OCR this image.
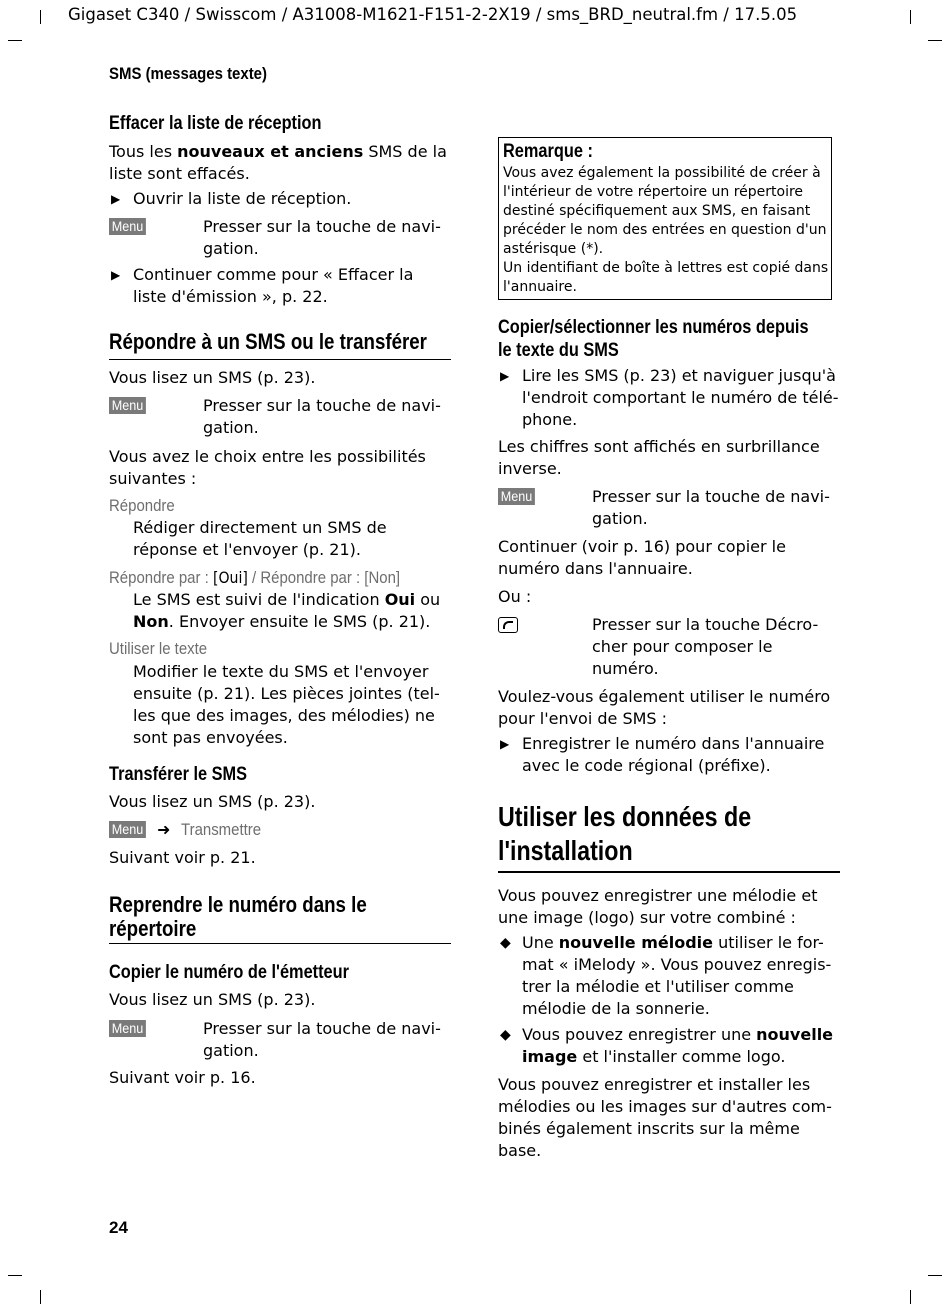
Gigaset C340 / Swisscom / A31008-M1621-F151-2-2X19 / sms_BRD_neutral.fm / 17.5.05
SMS (messages texte)
Effacer la liste de réception
Tous les nouveaux et anciens SMS de la liste sont effacés.
▶ Ouvrir la liste de réception.
Menu	Presser sur la touche de navi-gation.
▶ Continuer comme pour « Effacer la liste d'émission », p. 22.
Répondre à un SMS ou le transférer
Vous lisez un SMS (p. 23).
Menu	Presser sur la touche de navi-gation.
Vous avez le choix entre les possibilités suivantes :
Répondre
Rédiger directement un SMS de réponse et l'envoyer (p. 21).
Répondre par : [Oui] / Répondre par : [Non]
Le SMS est suivi de l'indication Oui ou Non. Envoyer ensuite le SMS (p. 21).
Utiliser le texte
Modifier le texte du SMS et l'envoyer ensuite (p. 21). Les pièces jointes (tel-les que des images, des mélodies) ne sont pas envoyées.
Transférer le SMS
Vous lisez un SMS (p. 23).
Menu ➜ Transmettre
Suivant voir p. 21.
Reprendre le numéro dans le répertoire
Copier le numéro de l'émetteur
Vous lisez un SMS (p. 23).
Menu	Presser sur la touche de navi-gation.
Suivant voir p. 16.
Remarque :
Vous avez également la possibilité de créer à l'intérieur de votre répertoire un répertoire destiné spécifiquement aux SMS, en faisant précéder le nom des entrées en question d'un astérisque (*).
Un identifiant de boîte à lettres est copié dans l'annuaire.
Copier/sélectionner les numéros depuis le texte du SMS
▶ Lire les SMS (p. 23) et naviguer jusqu'à l'endroit comportant le numéro de télé-phone.
Les chiffres sont affichés en surbrillance inverse.
Menu	Presser sur la touche de navi-gation.
Continuer (voir p. 16) pour copier le numéro dans l'annuaire.
Ou :
Presser sur la touche Décro-cher pour composer le numéro.
Voulez-vous également utiliser le numéro pour l'envoi de SMS :
▶ Enregistrer le numéro dans l'annuaire avec le code régional (préfixe).
Utiliser les données de l'installation
Vous pouvez enregistrer une mélodie et une image (logo) sur votre combiné :
◆ Une nouvelle mélodie utiliser le for-mat « iMelody ». Vous pouvez enregis-trer la mélodie et l'utiliser comme mélodie de la sonnerie.
◆ Vous pouvez enregistrer une nouvelle image et l'installer comme logo.
Vous pouvez enregistrer et installer les mélodies ou les images sur d'autres com-binés également inscrits sur la même base.
24
